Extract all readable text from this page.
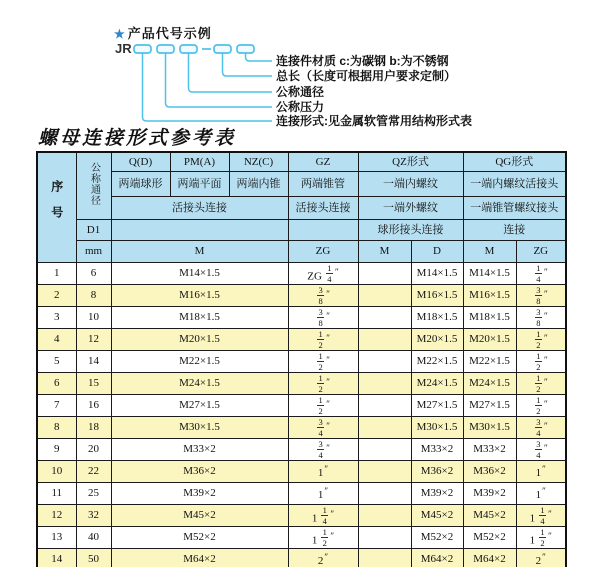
★ 产品代号示例
JR
连接件材质 c:为碳钢 b:为不锈钢
总长（长度可根据用户要求定制）
公称通径
公称压力
连接形式:见金属软管常用结构形式表
螺母连接形式参考表
序号	公称通径	Q(D)	PM(A)	NZ(C)	GZ	QZ形式		QG形式	
		两端球形	两端平面	两端内锥	两端锥管	一端内螺纹		一端内螺纹活接头	
		活接头连接			活接头连接	一端外螺纹		一端锥管螺纹接头	
	D1					球形接头连接		连接	
	mm	M			ZG	M	D	M	ZG
1	6	M14×1.5			ZG $\frac{1}{4} ''$		M14×1.5	M14×1.5	$\frac{1}{4} ''$
2	8	M16×1.5			$\frac{3}{8} ''$		M16×1.5	M16×1.5	$\frac{3}{8} ''$
3	10	M18×1.5			$\frac{3}{8} ''$		M18×1.5	M18×1.5	$\frac{3}{8} ''$
4	12	M20×1.5			$\frac{1}{2} ''$		M20×1.5	M20×1.5	$\frac{1}{2} ''$
5	14	M22×1.5			$\frac{1}{2} ''$		M22×1.5	M22×1.5	$\frac{1}{2} ''$
6	15	M24×1.5			$\frac{1}{2} ''$		M24×1.5	M24×1.5	$\frac{1}{2} ''$
7	16	M27×1.5			$\frac{1}{2} ''$		M27×1.5	M27×1.5	$\frac{1}{2} ''$
8	18	M30×1.5			$\frac{3}{4} ''$		M30×1.5	M30×1.5	$\frac{3}{4} ''$
9	20	M33×2			$\frac{3}{4} ''$		M33×2	M33×2	$\frac{3}{4} ''$
10	22	M36×2			1″		M36×2	M36×2	1″
11	25	M39×2			1″		M39×2	M39×2	1″
12	32	M45×2			$1 \frac{1}{4} ''$		M45×2	M45×2	$1 \frac{1}{4} ''$
13	40	M52×2			$1 \frac{1}{2} ''$		M52×2	M52×2	$1 \frac{1}{2} ''$
14	50	M64×2			2″		M64×2	M64×2	2″
